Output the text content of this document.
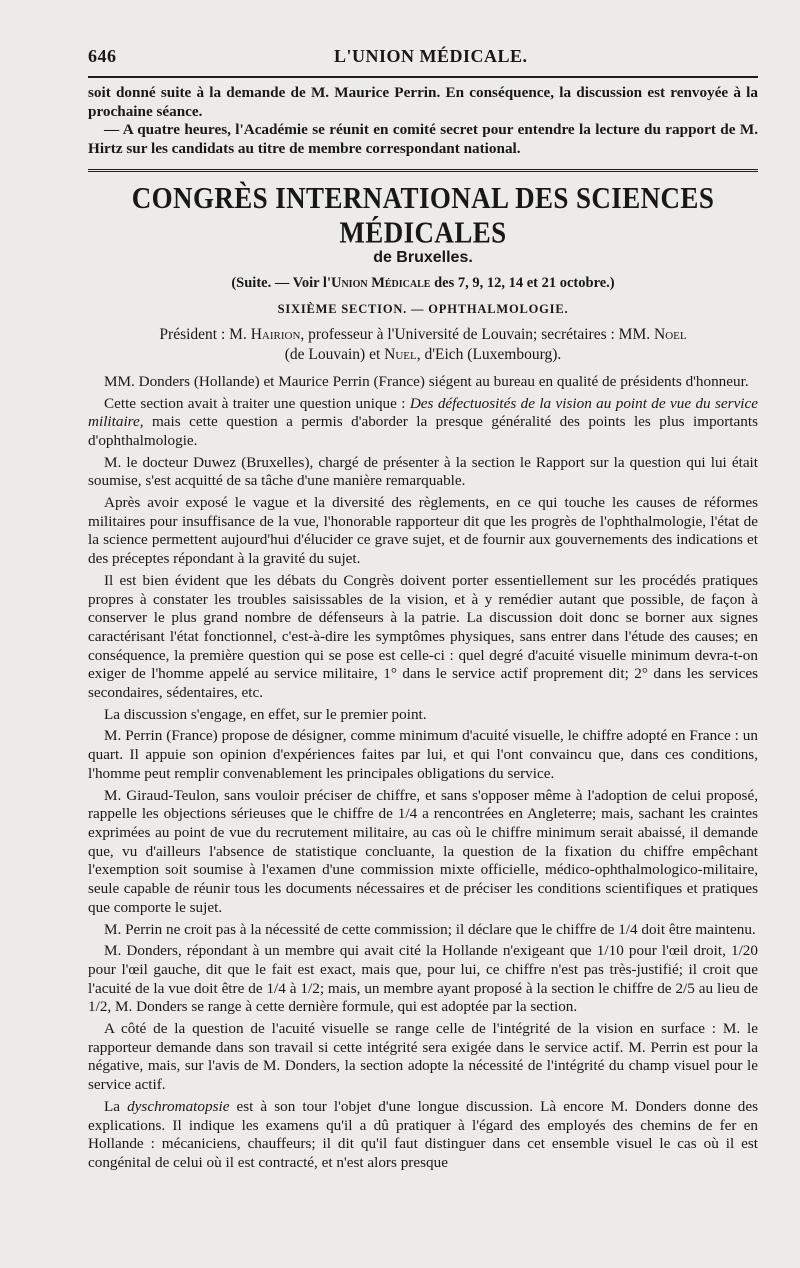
646	L'UNION MÉDICALE.

soit donné suite à la demande de M. Maurice Perrin. En conséquence, la discussion est renvoyée à la prochaine séance.

— A quatre heures, l'Académie se réunit en comité secret pour entendre la lecture du rapport de M. Hirtz sur les candidats au titre de membre correspondant national.

CONGRÈS INTERNATIONAL DES SCIENCES MÉDICALES
de Bruxelles.
(Suite. — Voir l'Union Médicale des 7, 9, 12, 14 et 21 octobre.)
SIXIÈME SECTION. — OPHTHALMOLOGIE.
Président : M. Hairion, professeur à l'Université de Louvain; secrétaires : MM. Noel
(de Louvain) et Nuel, d'Eich (Luxembourg).

MM. Donders (Hollande) et Maurice Perrin (France) siégent au bureau en qualité de présidents d'honneur.

Cette section avait à traiter une question unique : Des défectuosités de la vision au point de vue du service militaire, mais cette question a permis d'aborder la presque généralité des points les plus importants d'ophthalmologie.

M. le docteur Duwez (Bruxelles), chargé de présenter à la section le Rapport sur la question qui lui était soumise, s'est acquitté de sa tâche d'une manière remarquable.

Après avoir exposé le vague et la diversité des règlements, en ce qui touche les causes de réformes militaires pour insuffisance de la vue, l'honorable rapporteur dit que les progrès de l'ophthalmologie, l'état de la science permettent aujourd'hui d'élucider ce grave sujet, et de fournir aux gouvernements des indications et des préceptes répondant à la gravité du sujet.

Il est bien évident que les débats du Congrès doivent porter essentiellement sur les procédés pratiques propres à constater les troubles saisissables de la vision, et à y remédier autant que possible, de façon à conserver le plus grand nombre de défenseurs à la patrie. La discussion doit donc se borner aux signes caractérisant l'état fonctionnel, c'est-à-dire les symptômes physiques, sans entrer dans l'étude des causes; en conséquence, la première question qui se pose est celle-ci : quel degré d'acuité visuelle minimum devra-t-on exiger de l'homme appelé au service militaire, 1° dans le service actif proprement dit; 2° dans les services secondaires, sédentaires, etc.

La discussion s'engage, en effet, sur le premier point.

M. Perrin (France) propose de désigner, comme minimum d'acuité visuelle, le chiffre adopté en France : un quart. Il appuie son opinion d'expériences faites par lui, et qui l'ont convaincu que, dans ces conditions, l'homme peut remplir convenablement les principales obligations du service.

M. Giraud-Teulon, sans vouloir préciser de chiffre, et sans s'opposer même à l'adoption de celui proposé, rappelle les objections sérieuses que le chiffre de 1/4 a rencontrées en Angleterre; mais, sachant les craintes exprimées au point de vue du recrutement militaire, au cas où le chiffre minimum serait abaissé, il demande que, vu d'ailleurs l'absence de statistique concluante, la question de la fixation du chiffre empêchant l'exemption soit soumise à l'examen d'une commission mixte officielle, médico-ophthalmologico-militaire, seule capable de réunir tous les documents nécessaires et de préciser les conditions scientifiques et pratiques que comporte le sujet.

M. Perrin ne croit pas à la nécessité de cette commission; il déclare que le chiffre de 1/4 doit être maintenu.

M. Donders, répondant à un membre qui avait cité la Hollande n'exigeant que 1/10 pour l'œil droit, 1/20 pour l'œil gauche, dit que le fait est exact, mais que, pour lui, ce chiffre n'est pas très-justifié; il croit que l'acuité de la vue doit être de 1/4 à 1/2; mais, un membre ayant proposé à la section le chiffre de 2/5 au lieu de 1/2, M. Donders se range à cette dernière formule, qui est adoptée par la section.

A côté de la question de l'acuité visuelle se range celle de l'intégrité de la vision en surface : M. le rapporteur demande dans son travail si cette intégrité sera exigée dans le service actif. M. Perrin est pour la négative, mais, sur l'avis de M. Donders, la section adopte la nécessité de l'intégrité du champ visuel pour le service actif.

La dyschromatopsie est à son tour l'objet d'une longue discussion. Là encore M. Donders donne des explications. Il indique les examens qu'il a dû pratiquer à l'égard des employés des chemins de fer en Hollande : mécaniciens, chauffeurs; il dit qu'il faut distinguer dans cet ensemble visuel le cas où il est congénital de celui où il est contracté, et n'est alors presque
